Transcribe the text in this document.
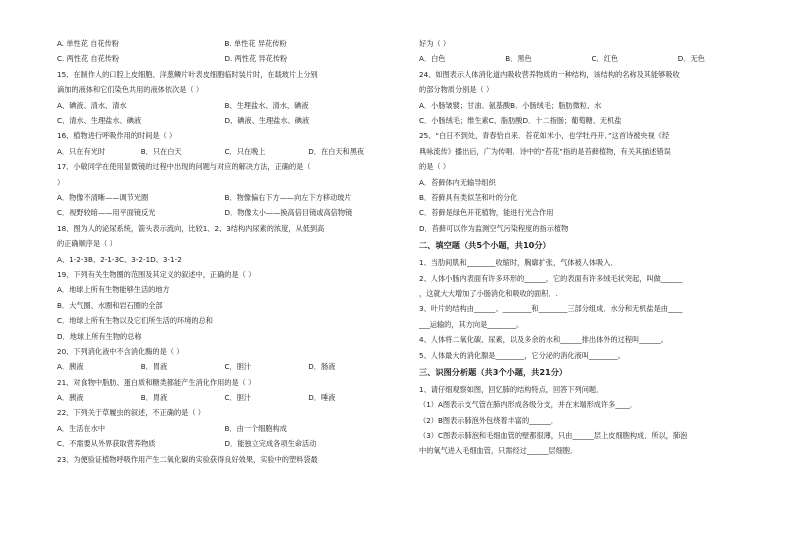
A. 单性花 自花传粉	B. 单性花 异花传粉
C. 两性花 自花传粉	D. 两性花 异花传粉
15、在制作人的口腔上皮细胞、洋葱鳞片叶表皮细胞临时装片时，在载玻片上分别
滴加的液体和它们染色共用的液体依次是（ ）
A、碘液、清水、清水	B、生理盐水、清水、碘液
C、清水、生理盐水、碘液	D、碘液、生理盐水、碘液
16、植物进行呼吸作用的时间是（ ）
A．只在有光时	B．只在白天	C．只在晚上	D．在白天和黑夜
17、小敏同学在使用显微镜的过程中出现的问题与对应的解决方法，正确的是（
）
A．物像不清晰——调节光圈	B．物像偏右下方——向左下方移动玻片
C．视野较暗——用平面镜反光	D．物像太小——换高倍目镜或高倍物镜
18、图为人的泌尿系统，箭头表示流向，比较1、2、3结构内尿素的浓度，从低到高
的正确顺序是（ ）
A、1-2-3B、2-1-3C、3-2-1D、3-1-2
19、下列有关生物圈的范围及其定义的叙述中，正确的是（ ）
A．地球上所有生物能够生活的地方
B．大气圈、水圈和岩石圈的全部
C．地球上所有生物以及它们所生活的环境的总和
D．地球上所有生物的总称
20、下列消化液中不含消化酶的是（ ）
A．胰液	B．胃液	C．胆汁	D．肠液
21、对食物中脂肪、蛋白质和糖类都能产生消化作用的是（ ）
A．胰液	B．胃液	C．胆汁	D．唾液
22、下列关于草履虫的叙述，不正确的是（ ）
A．生活在水中	B．由一个细胞构成
C．不需要从外界获取营养物质	D．能独立完成各项生命活动
23、为便验证植物呼吸作用产生二氧化碳的实验获得良好效果，实验中的塑料袋最
好为（ ）
A．白色	B．黑色	C．红色	D．无色
24、如图表示人体消化道内吸收营养物质的一种结构，该结构的名称及其能够吸收
的部分物质分别是（ ）
A．小肠皱襞；甘油、氨基酸B．小肠绒毛；脂肪微粒、水
C．小肠绒毛；维生素C、脂肪酸D．十二指肠；葡萄糖、无机盐
25、“白日不到处，青春恰自来．苔花如米小，也学牡丹开．”这首诗被央视《经
典咏流传》播出后，广为传唱．诗中的“苔花”指的是苔藓植物，有关其描述错误
的是（ ）
A．苔藓体内无输导组织
B．苔藓具有类似茎和叶的分化
C．苔藓是绿色开花植物，能进行光合作用
D．苔藓可以作为监测空气污染程度的指示植物
二、填空题（共5个小题，共10分）
1、当肋间肌和________收缩时，胸廓扩张，气体被人体吸入．
2、人体小肠内表面有许多环形的______，它的表面有许多绒毛状突起，叫做______
，这就大大增加了小肠消化和吸收的面积．.
3、叶片的结构由______、________和________三部分组成．水分和无机盐是由____
___运输的，其方向是________。
4、人体将二氧化碳、尿素，以及多余的水和______排出体外的过程叫______。
5、人体最大的消化腺是________，它分泌的消化液叫________。
三、识图分析题（共3个小题，共21分）
1、请仔细观察如图，回忆肺的结构特点，回答下列问题．
（1）A图表示支气管在肺内形成各级分支，并在末端形成许多____．
（2）B图表示肺泡外包绕着丰富的______．
（3）C图表示肺泡和毛细血管的壁都很薄，只由______层上皮细胞构成．所以，肺泡
中的氧气进入毛细血管，只需经过______层细胞．
